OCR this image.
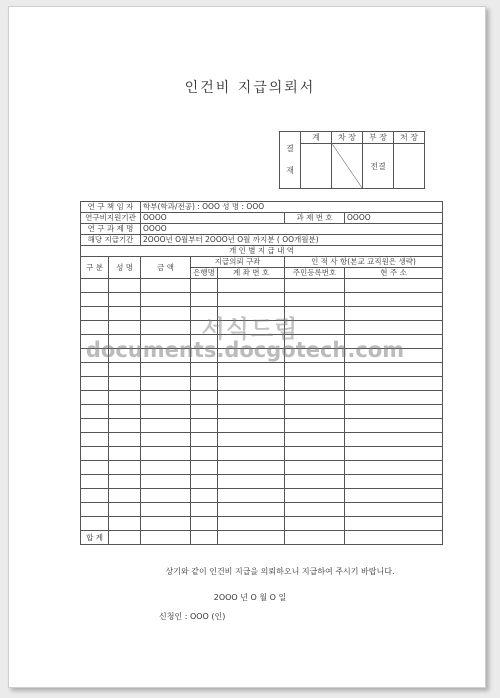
인건비 지급의뢰서
결
재	계	차 장	부 장	처 장
			전결	
연 구 책 임 자		학부(학과/전공) : OOO 성 명 : OOO				
연구비지원기관		OOOO			과 제 번 호	OOOO
연 구 과 제 명		OOOO				
해당 지급기간		2OOO년 O월부터 2OOO년 O월 까지분 ( OO개월분)				
개 인 별 지 급 내 역						
구 분	성 명	금 액	지급의뢰 구좌		인 적 사 항(본교 교직원은 생략)	
			은행명	계 좌 번 호	주민등록번호	현 주 소

합 계						
서식드림
documents.docgotech.com
상기와 같이 인건비 지급을 의뢰하오니 지급하여 주시기 바랍니다.
2OOO 년 O 월 O 일
신청인 : OOO (인)
